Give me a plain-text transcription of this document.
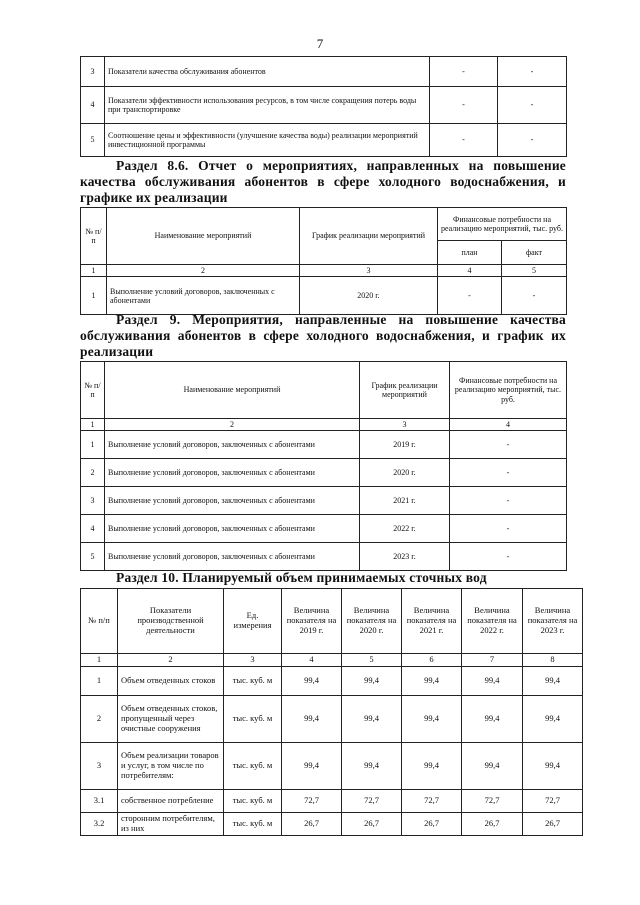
7
3	Показатели качества обслуживания абонентов	-	-
4	Показатели эффективности использования ресурсов, в том числе сокращения потерь воды при транспортировке	-	-
5	Соотношение цены и эффективности (улучшение качества воды) реализации мероприятий инвестиционной программы	-	-
Раздел 8.6. Отчет о мероприятиях, направленных на повышение качества обслуживания абонентов в сфере холодного водоснабжения, и графике их реализации
№ п/п	Наименование мероприятий	График реализации мероприятий	Финансовые потребности на реализацию мероприятий, тыс. руб.	
			план	факт
1	2	3	4	5
1	Выполнение условий договоров, заключенных с абонентами	2020 г.	-	-
Раздел 9. Мероприятия, направленные на повышение качества обслуживания абонентов в сфере холодного водоснабжения, и график их реализации
№ п/п	Наименование мероприятий	График реализации мероприятий	Финансовые потребности на реализацию мероприятий, тыс. руб.
1	2	3	4
1	Выполнение условий договоров, заключенных с абонентами	2019 г.	-
2	Выполнение условий договоров, заключенных с абонентами	2020 г.	-
3	Выполнение условий договоров, заключенных с абонентами	2021 г.	-
4	Выполнение условий договоров, заключенных с абонентами	2022 г.	-
5	Выполнение условий договоров, заключенных с абонентами	2023 г.	-
Раздел 10. Планируемый объем принимаемых сточных вод
№ п/п	Показатели производственной деятельности	Ед. измерения	Величина показателя на 2019 г.	Величина показателя на 2020 г.	Величина показателя на 2021 г.	Величина показателя на 2022 г.	Величина показателя на 2023 г.
1	2	3	4	5	6	7	8
1	Объем отведенных стоков	тыс. куб. м	99,4	99,4	99,4	99,4	99,4
2	Объем отведенных стоков, пропущенный через очистные сооружения	тыс. куб. м	99,4	99,4	99,4	99,4	99,4
3	Объем реализации товаров и услуг, в том числе по потребителям:	тыс. куб. м	99,4	99,4	99,4	99,4	99,4
3.1	собственное потребление	тыс. куб. м	72,7	72,7	72,7	72,7	72,7
3.2	сторонним потребителям, из них	тыс. куб. м	26,7	26,7	26,7	26,7	26,7
